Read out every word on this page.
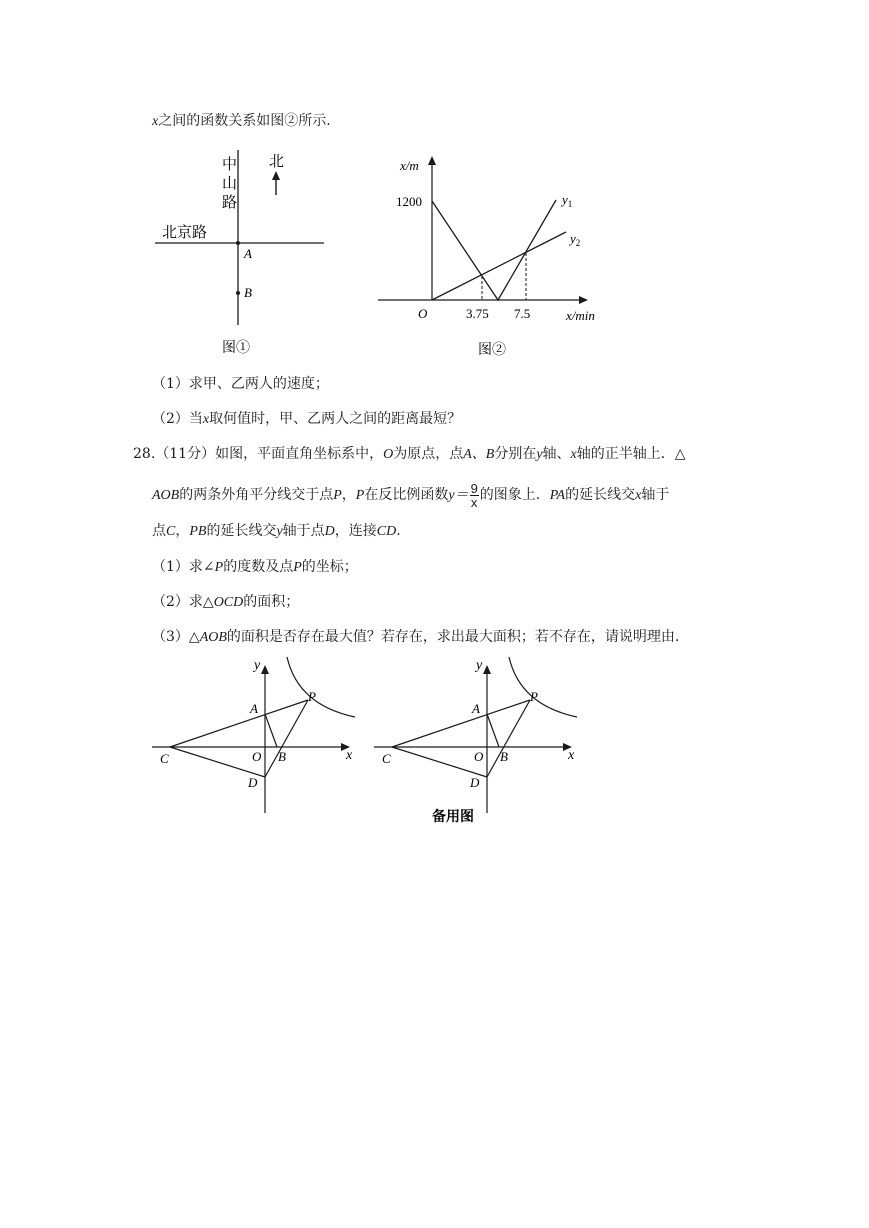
x之间的函数关系如图②所示.
中
山
路
北
北京路
A
B
图①
x/m
x/min
1200
3.75 7.5
O
$y_1$
$y_2$
图②
（1）求甲、乙两人的速度；
（2）当x取何值时，甲、乙两人之间的距离最短？
28.（11分）如图，平面直角坐标系中，O为原点，点A、B分别在y轴、x轴的正半轴上．△
AOB的两条外角平分线交于点P，P在反比例函数$y= \frac{9}{x}$ 的图象上．PA的延长线交x轴于
点C，PB的延长线交y轴于点D，连接CD.
（1）求∠P的度数及点P的坐标；
（2）求△OCD的面积；
（3）△AOB的面积是否存在最大值？若存在，求出最大面积；若不存在，请说明理由.
y
x
A
B
C
D
O
P
y
x
A
B
C
D
O
P
备用图
